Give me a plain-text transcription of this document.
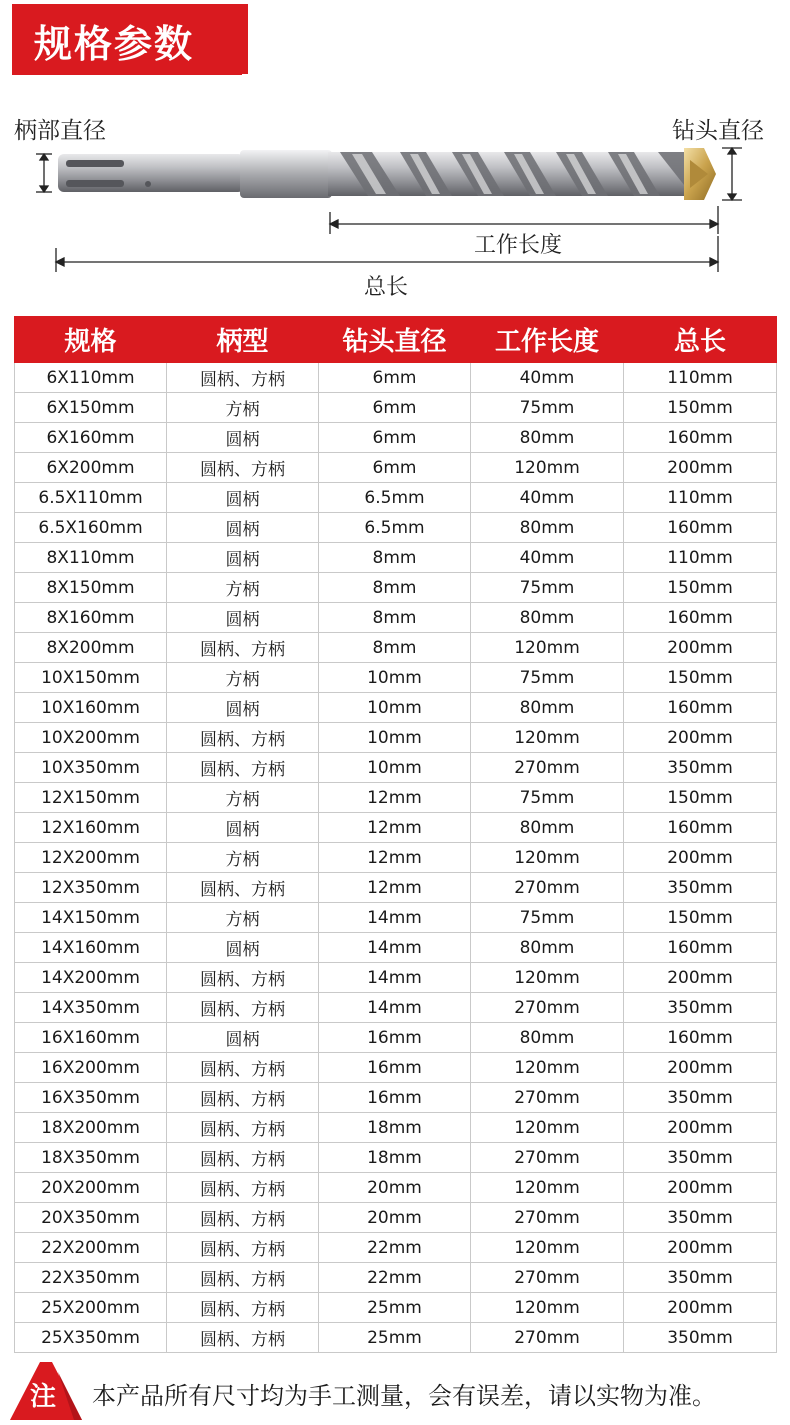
规格参数
柄部直径	钻头直径
工作长度
总长
规格	柄型	钻头直径	工作长度	总长
6X110mm	圆柄、方柄	6mm	40mm	110mm
6X150mm	方柄	6mm	75mm	150mm
6X160mm	圆柄	6mm	80mm	160mm
6X200mm	圆柄、方柄	6mm	120mm	200mm
6.5X110mm	圆柄	6.5mm	40mm	110mm
6.5X160mm	圆柄	6.5mm	80mm	160mm
8X110mm	圆柄	8mm	40mm	110mm
8X150mm	方柄	8mm	75mm	150mm
8X160mm	圆柄	8mm	80mm	160mm
8X200mm	圆柄、方柄	8mm	120mm	200mm
10X150mm	方柄	10mm	75mm	150mm
10X160mm	圆柄	10mm	80mm	160mm
10X200mm	圆柄、方柄	10mm	120mm	200mm
10X350mm	圆柄、方柄	10mm	270mm	350mm
12X150mm	方柄	12mm	75mm	150mm
12X160mm	圆柄	12mm	80mm	160mm
12X200mm	方柄	12mm	120mm	200mm
12X350mm	圆柄、方柄	12mm	270mm	350mm
14X150mm	方柄	14mm	75mm	150mm
14X160mm	圆柄	14mm	80mm	160mm
14X200mm	圆柄、方柄	14mm	120mm	200mm
14X350mm	圆柄、方柄	14mm	270mm	350mm
16X160mm	圆柄	16mm	80mm	160mm
16X200mm	圆柄、方柄	16mm	120mm	200mm
16X350mm	圆柄、方柄	16mm	270mm	350mm
18X200mm	圆柄、方柄	18mm	120mm	200mm
18X350mm	圆柄、方柄	18mm	270mm	350mm
20X200mm	圆柄、方柄	20mm	120mm	200mm
20X350mm	圆柄、方柄	20mm	270mm	350mm
22X200mm	圆柄、方柄	22mm	120mm	200mm
22X350mm	圆柄、方柄	22mm	270mm	350mm
25X200mm	圆柄、方柄	25mm	120mm	200mm
25X350mm	圆柄、方柄	25mm	270mm	350mm
注 本产品所有尺寸均为手工测量，会有误差，请以实物为准。
